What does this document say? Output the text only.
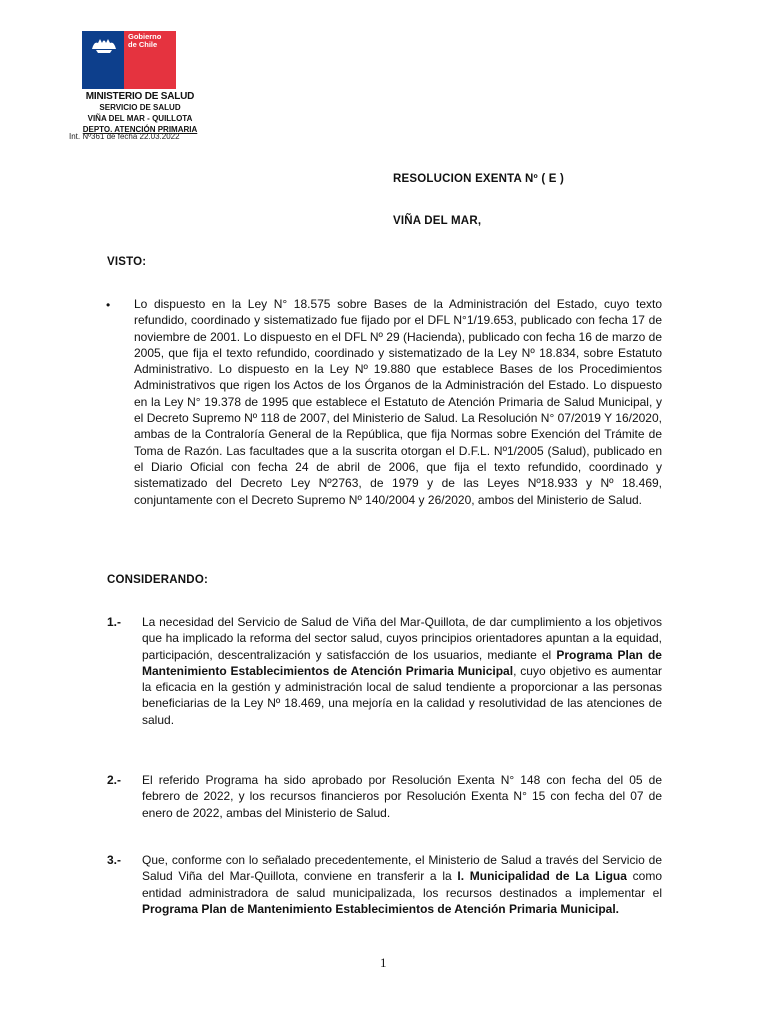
Gobierno
de Chile
MINISTERIO DE SALUD
SERVICIO DE SALUD
VIÑA DEL MAR - QUILLOTA
DEPTO. ATENCIÓN PRIMARIA
Int. Nº361 de fecha 22.03.2022
RESOLUCION EXENTA Nº ( E )
VIÑA DEL MAR,
VISTO:
• Lo dispuesto en la Ley N° 18.575 sobre Bases de la Administración del Estado, cuyo texto refundido, coordinado y sistematizado fue fijado por el DFL N°1/19.653, publicado con fecha 17 de noviembre de 2001. Lo dispuesto en el DFL Nº 29 (Hacienda), publicado con fecha 16 de marzo de 2005, que fija el texto refundido, coordinado y sistematizado de la Ley Nº 18.834, sobre Estatuto Administrativo. Lo dispuesto en la Ley Nº 19.880 que establece Bases de los Procedimientos Administrativos que rigen los Actos de los Órganos de la Administración del Estado. Lo dispuesto en la Ley N° 19.378 de 1995 que establece el Estatuto de Atención Primaria de Salud Municipal, y el Decreto Supremo Nº 118 de 2007, del Ministerio de Salud. La Resolución N° 07/2019 Y 16/2020, ambas de la Contraloría General de la República, que fija Normas sobre Exención del Trámite de Toma de Razón. Las facultades que a la suscrita otorgan el D.F.L. Nº1/2005 (Salud), publicado en el Diario Oficial con fecha 24 de abril de 2006, que fija el texto refundido, coordinado y sistematizado del Decreto Ley Nº2763, de 1979 y de las Leyes Nº18.933 y Nº 18.469, conjuntamente con el Decreto Supremo Nº 140/2004 y 26/2020, ambos del Ministerio de Salud.
CONSIDERANDO:
1.- La necesidad del Servicio de Salud de Viña del Mar-Quillota, de dar cumplimiento a los objetivos que ha implicado la reforma del sector salud, cuyos principios orientadores apuntan a la equidad, participación, descentralización y satisfacción de los usuarios, mediante el Programa Plan de Mantenimiento Establecimientos de Atención Primaria Municipal, cuyo objetivo es aumentar la eficacia en la gestión y administración local de salud tendiente a proporcionar a las personas beneficiarias de la Ley Nº 18.469, una mejoría en la calidad y resolutividad de las atenciones de salud.
2.- El referido Programa ha sido aprobado por Resolución Exenta N° 148 con fecha del 05 de febrero de 2022, y los recursos financieros por Resolución Exenta N° 15 con fecha del 07 de enero de 2022, ambas del Ministerio de Salud.
3.- Que, conforme con lo señalado precedentemente, el Ministerio de Salud a través del Servicio de Salud Viña del Mar-Quillota, conviene en transferir a la I. Municipalidad de La Ligua como entidad administradora de salud municipalizada, los recursos destinados a implementar el Programa Plan de Mantenimiento Establecimientos de Atención Primaria Municipal.
1
